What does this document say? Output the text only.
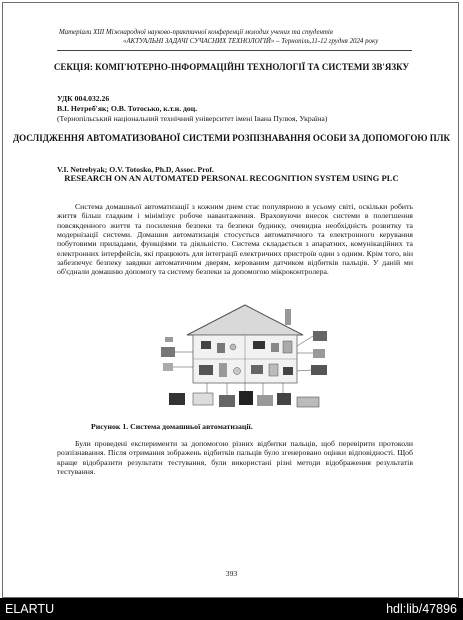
Матеріали XIII Міжнародної науково-практичної конференції молодих учених та студентів
«АКТУАЛЬНІ ЗАДАЧІ СУЧАСНИХ ТЕХНОЛОГІЙ» – Тернопіль,11-12 грудня 2024 року
СЕКЦІЯ: КОМП'ЮТЕРНО-ІНФОРМАЦІЙНІ ТЕХНОЛОГІЇ ТА СИСТЕМИ ЗВ'ЯЗКУ
УДК 004.032.26
В.І. Нетреб'як; О.В. Тотоcько, к.т.н. доц.
(Тернопільський національний технічний університет імені Івана Пулюя, Україна)
ДОСЛІДЖЕННЯ АВТОМАТИЗОВАНОЇ СИСТЕМИ РОЗПІЗНАВАННЯ ОСОБИ ЗА ДОПОМОГОЮ ПЛК
V.I. Netrebyak; O.V. Totosko, Ph.D, Assoc. Prof.
RESEARCH ON AN AUTOMATED PERSONAL RECOGNITION SYSTEM USING PLC

Система домашньої автоматизації з кожним днем стає популярною в усьому світі, оскільки робить життя більш гладким і мінімізує робоче навантаження. Враховуючи внесок системи в полегшення повсякденного життя та посилення безпеки та безпеки будинку, очевидна необхідність розвитку та модернізації системи. Домашня автоматизація стосується автоматичного та електронного керування побутовими приладами, функціями та діяльністю. Система складається з апаратних, комунікаційних та електронних інтерфейсів, які працюють для інтеграції електричних пристроїв один з одним. Крім того, він забезпечує безпеку завдяки автоматичним дверям, керованим датчиком відбитків пальців. У даній ми об'єднали домашню допомогу та систему безпеки за допомогою мікроконтролера.

Рисунок 1. Система домашньої автоматизації.

Були проведені експерименти за допомогою різних відбитки пальців, щоб перевірити протоколи розпізнавання. Після отримання зображень відбитків пальців було згенеровано оцінки відповідності. Щоб краще відобразити результати тестування, були використані різні методи відображення результатів тестування.

393
ELARTU	hdl:lib/47896
